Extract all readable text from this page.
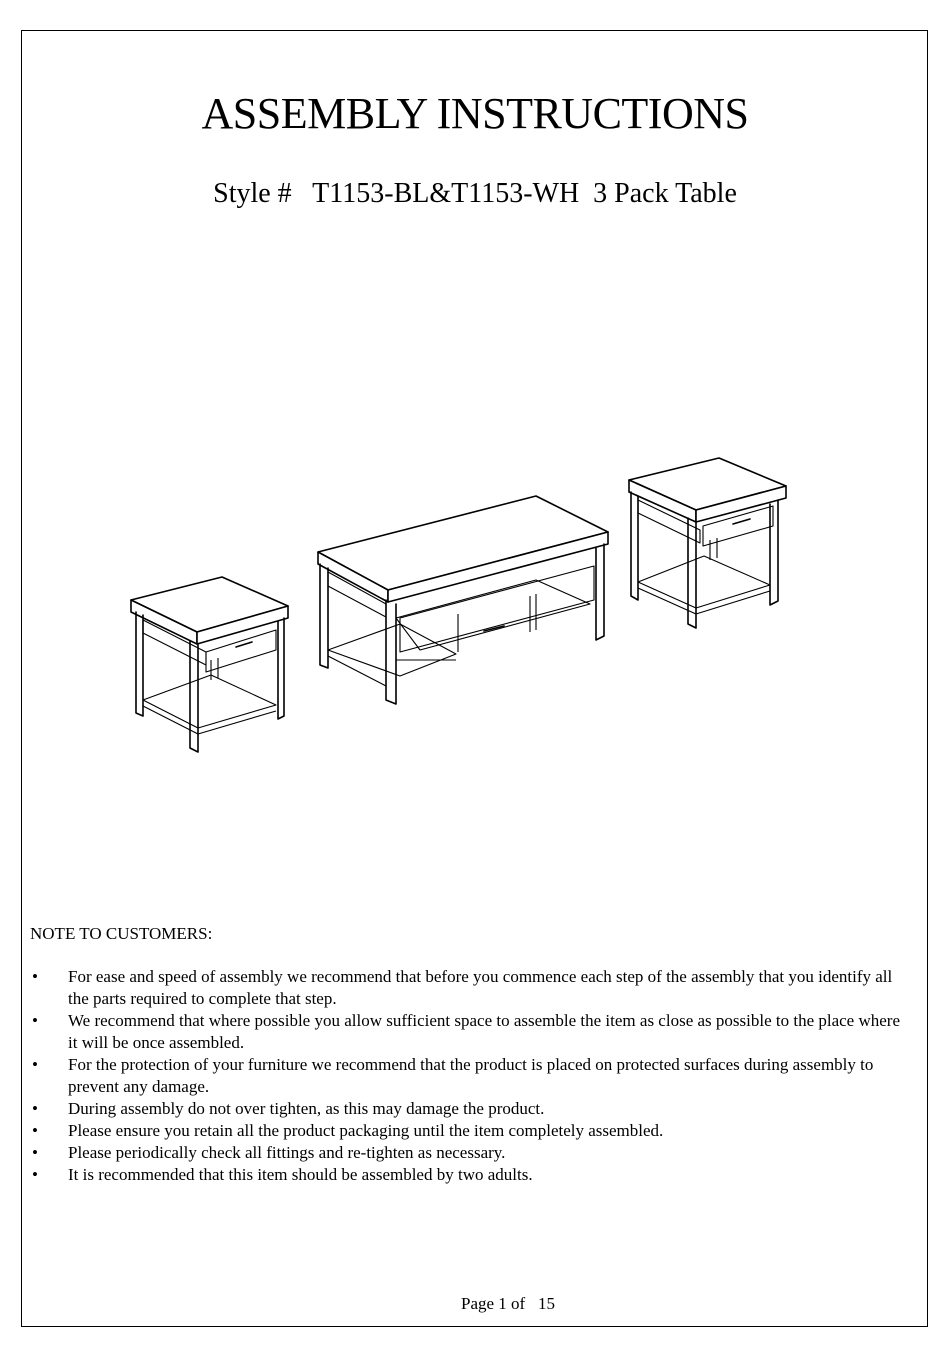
ASSEMBLY INSTRUCTIONS
Style #   T1153-BL&T1153-WH  3 Pack Table
NOTE TO CUSTOMERS:
• For ease and speed of assembly we recommend that before you commence each step of the assembly that you identify all the parts required to complete that step.
• We recommend that where possible you allow sufficient space to assemble the item as close as possible to the place where it will be once assembled.
• For the protection of your furniture we recommend that the product is placed on protected surfaces during assembly to prevent any damage.
• During assembly do not over tighten, as this may damage the product.
• Please ensure you retain all the product packaging until the item completely assembled.
• Please periodically check all fittings and re-tighten as necessary.
• It is recommended that this item should be assembled by two adults.
Page 1 of   15
